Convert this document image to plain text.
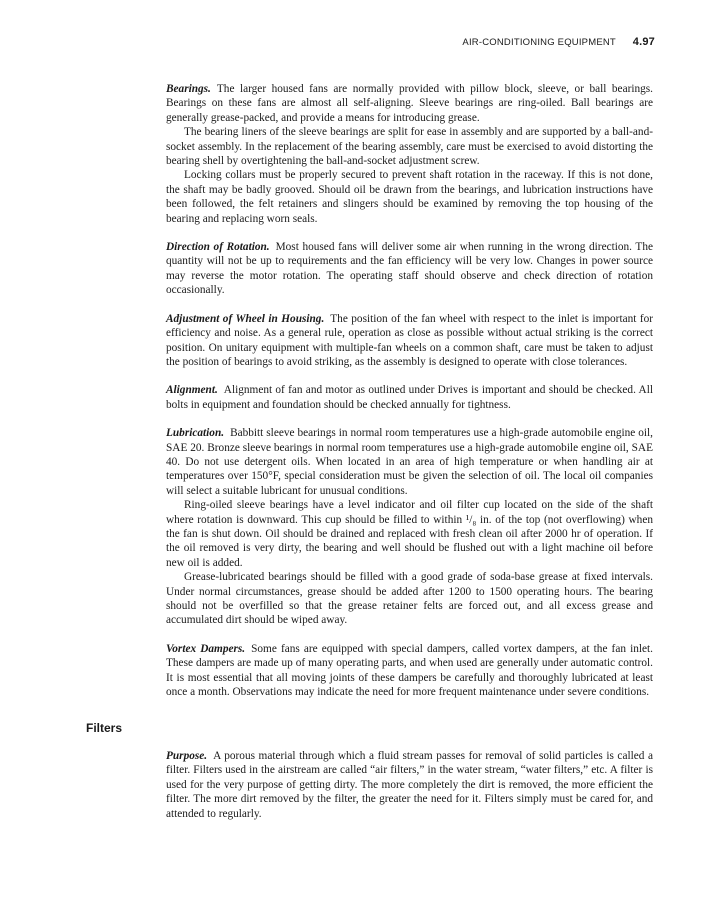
AIR-CONDITIONING EQUIPMENT 4.97

Bearings. The larger housed fans are normally provided with pillow block, sleeve, or ball bearings. Bearings on these fans are almost all self-aligning. Sleeve bearings are ring-oiled. Ball bearings are generally grease-packed, and provide a means for introducing grease.

The bearing liners of the sleeve bearings are split for ease in assembly and are supported by a ball-and-socket assembly. In the replacement of the bearing assembly, care must be exercised to avoid distorting the bearing shell by overtightening the ball-and-socket adjustment screw.

Locking collars must be properly secured to prevent shaft rotation in the raceway. If this is not done, the shaft may be badly grooved. Should oil be drawn from the bearings, and lubrication instructions have been followed, the felt retainers and slingers should be examined by removing the top housing of the bearing and replacing worn seals.

Direction of Rotation. Most housed fans will deliver some air when running in the wrong direction. The quantity will not be up to requirements and the fan efficiency will be very low. Changes in power source may reverse the motor rotation. The operating staff should observe and check direction of rotation occasionally.

Adjustment of Wheel in Housing. The position of the fan wheel with respect to the inlet is important for efficiency and noise. As a general rule, operation as close as possible without actual striking is the correct position. On unitary equipment with multiple-fan wheels on a common shaft, care must be taken to adjust the position of bearings to avoid striking, as the assembly is designed to operate with close tolerances.

Alignment. Alignment of fan and motor as outlined under Drives is important and should be checked. All bolts in equipment and foundation should be checked annually for tightness.

Lubrication. Babbitt sleeve bearings in normal room temperatures use a high-grade automobile engine oil, SAE 20. Bronze sleeve bearings in normal room temperatures use a high-grade automobile engine oil, SAE 40. Do not use detergent oils. When located in an area of high temperature or when handling air at temperatures over 150°F, special consideration must be given the selection of oil. The local oil companies will select a suitable lubricant for unusual conditions.

Ring-oiled sleeve bearings have a level indicator and oil filter cup located on the side of the shaft where rotation is downward. This cup should be filled to within ¹/₈ in. of the top (not overflowing) when the fan is shut down. Oil should be drained and replaced with fresh clean oil after 2000 hr of operation. If the oil removed is very dirty, the bearing and well should be flushed out with a light machine oil before new oil is added.

Grease-lubricated bearings should be filled with a good grade of soda-base grease at fixed intervals. Under normal circumstances, grease should be added after 1200 to 1500 operating hours. The bearing should not be overfilled so that the grease retainer felts are forced out, and all excess grease and accumulated dirt should be wiped away.

Vortex Dampers. Some fans are equipped with special dampers, called vortex dampers, at the fan inlet. These dampers are made up of many operating parts, and when used are generally under automatic control. It is most essential that all moving joints of these dampers be carefully and thoroughly lubricated at least once a month. Observations may indicate the need for more frequent maintenance under severe conditions.

Filters

Purpose. A porous material through which a fluid stream passes for removal of solid particles is called a filter. Filters used in the airstream are called “air filters,” in the water stream, “water filters,” etc. A filter is used for the very purpose of getting dirty. The more completely the dirt is removed, the more efficient the filter. The more dirt removed by the filter, the greater the need for it. Filters simply must be cared for, and attended to regularly.
